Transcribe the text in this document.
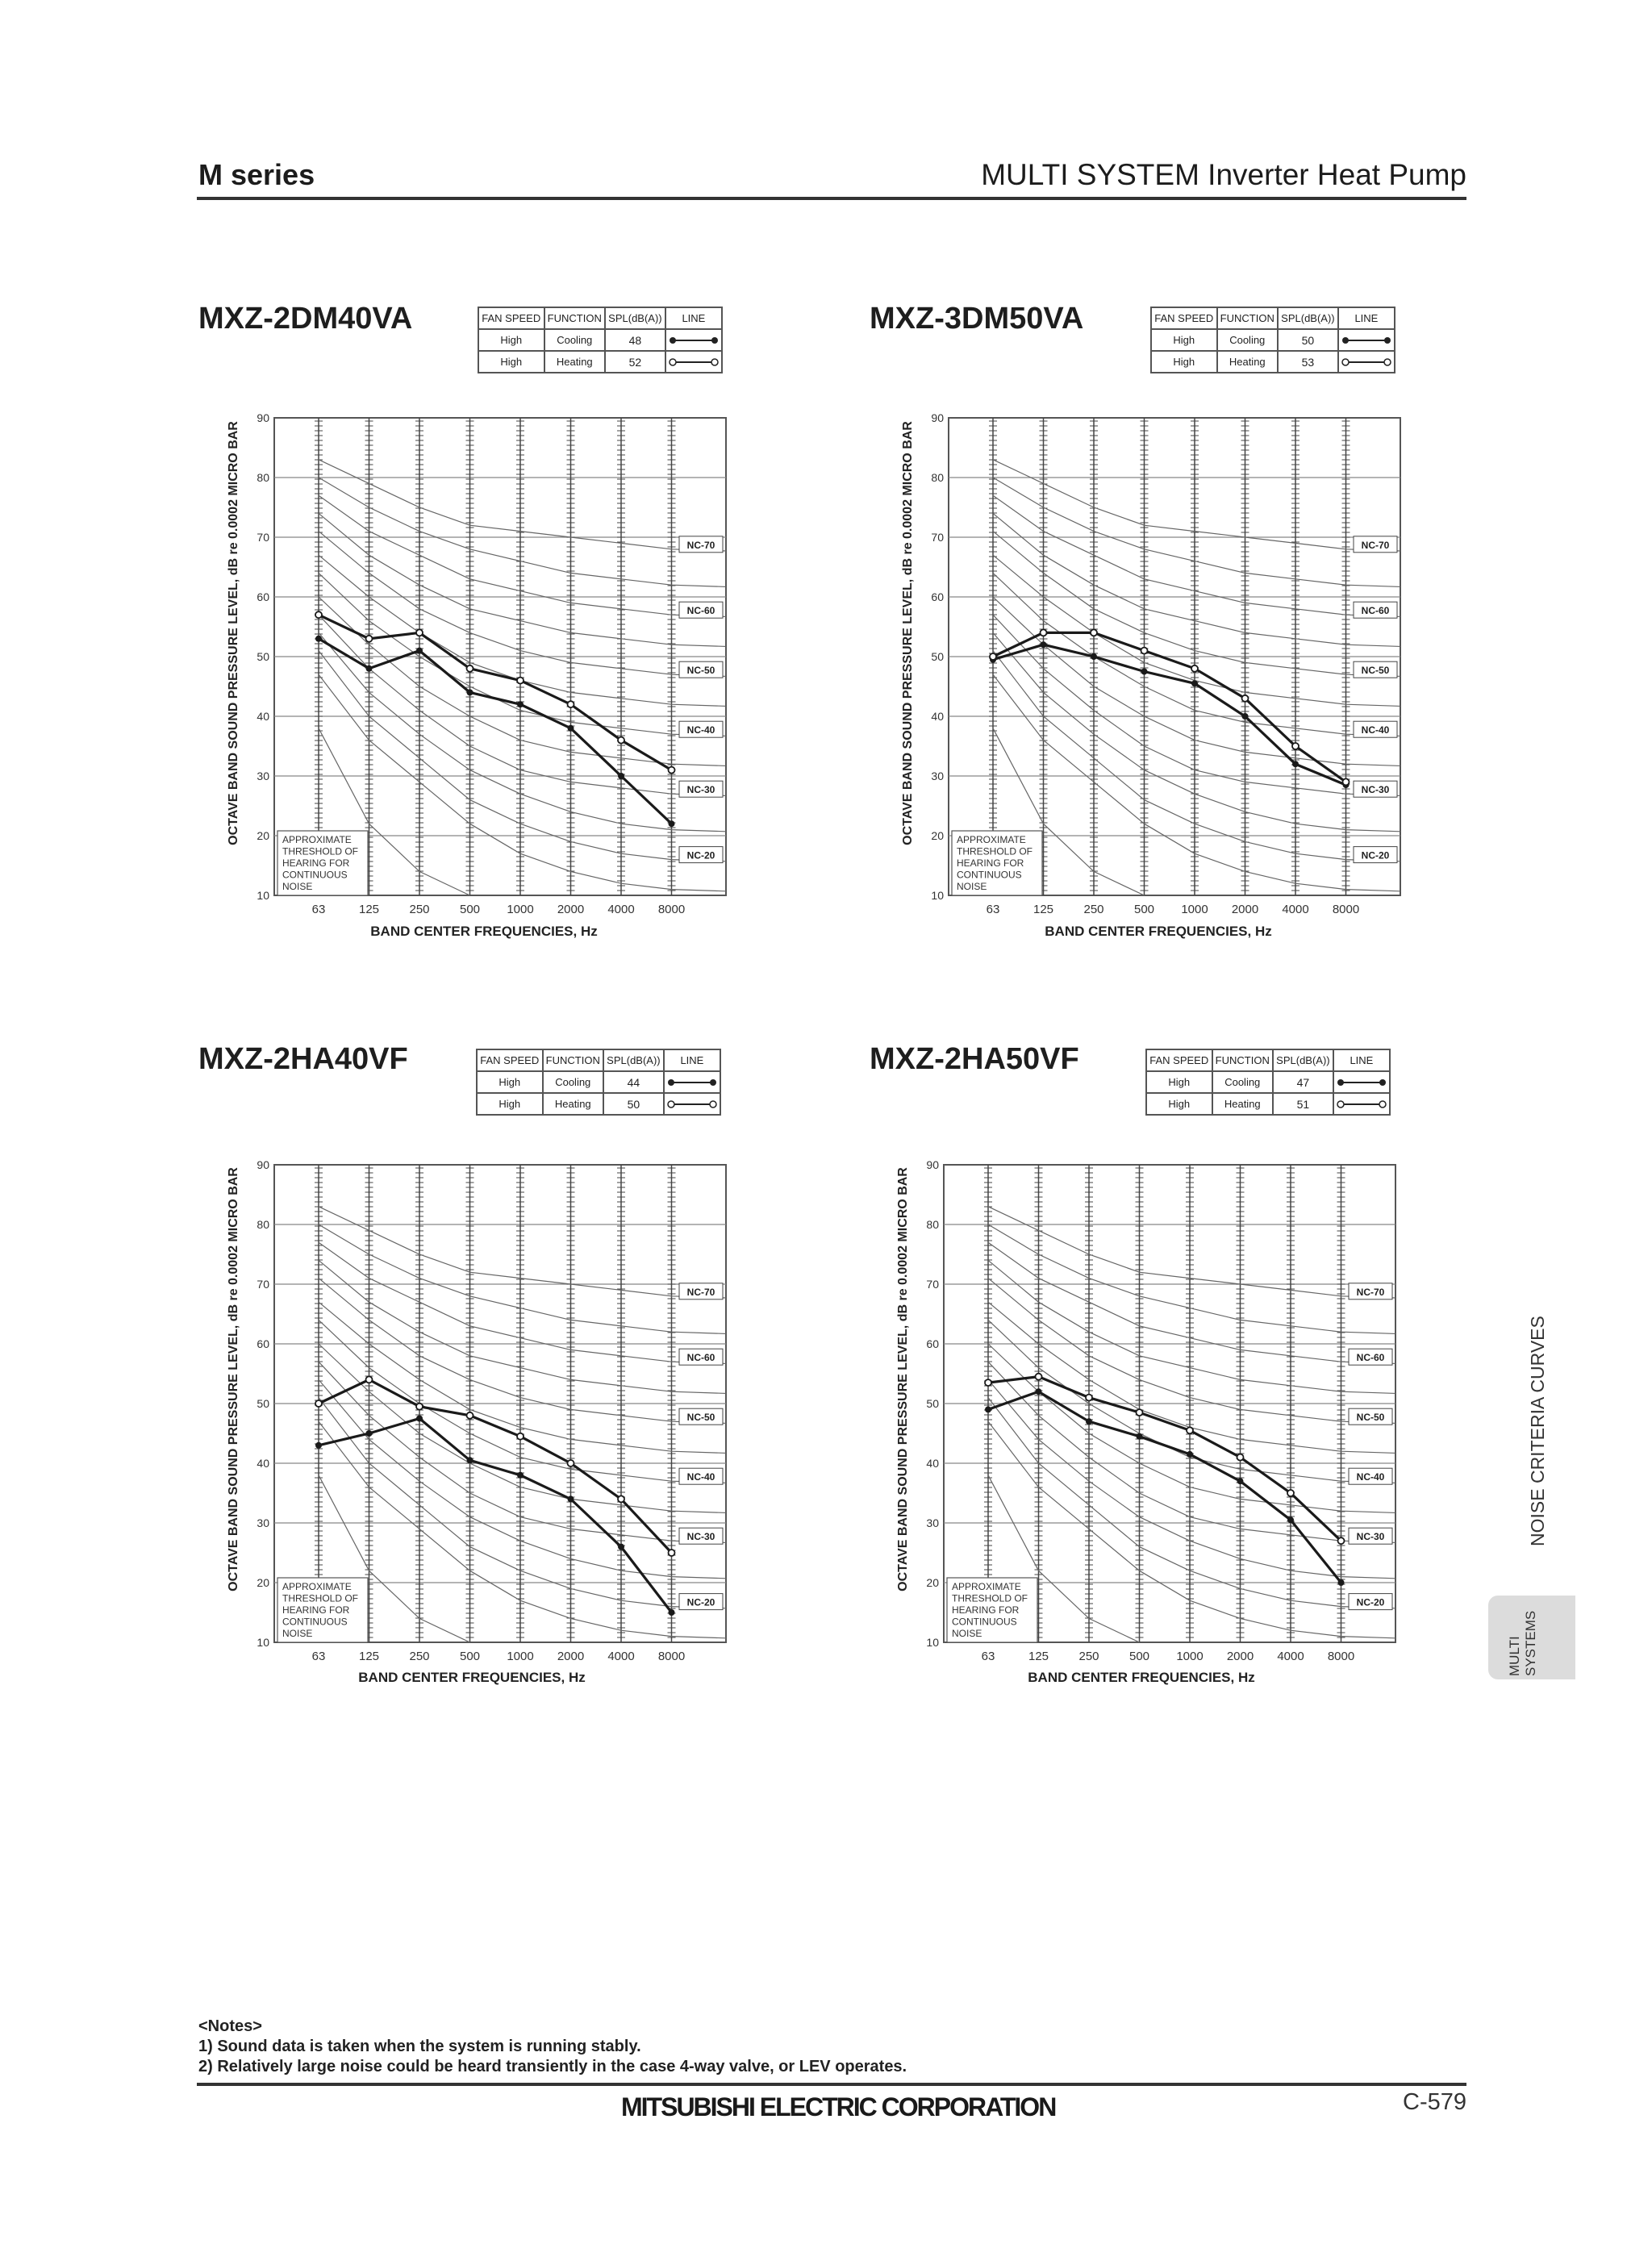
M series	MULTI SYSTEM Inverter Heat Pump
MXZ-2DM40VA	MXZ-3DM50VA
MXZ-2HA40VF	MXZ-2HA50VF
FAN SPEED	FUNCTION	SPL(dB(A))	LINE
High	Cooling	48	

High	Heating	52	
FAN SPEED	FUNCTION	SPL(dB(A))	LINE
High	Cooling	50	

High	Heating	53	
FAN SPEED	FUNCTION	SPL(dB(A))	LINE
High	Cooling	44	

High	Heating	50	
FAN SPEED	FUNCTION	SPL(dB(A))	LINE
High	Cooling	47	

High	Heating	51	
10
20
30
40
50
60
70
80
90
63	125 250 500 1000 2000 4000 8000
NC-70
NC-60
NC-50
NC-40
NC-30
NC-20
APPROXIMATE
THRESHOLD OF
HEARING FOR
CONTINUOUS
NOISE
OCTAVE BAND SOUND PRESSURE LEVEL, dB re 0.0002 MICRO BAR
BAND CENTER FREQUENCIES, Hz
10
20
30
40
50
60
70
80
90
63	125 250 500 1000 2000 4000 8000
NC-70
NC-60
NC-50
NC-40
NC-30
NC-20
APPROXIMATE
THRESHOLD OF
HEARING FOR
CONTINUOUS
NOISE
OCTAVE BAND SOUND PRESSURE LEVEL, dB re 0.0002 MICRO BAR
BAND CENTER FREQUENCIES, Hz
10
20
30
40
50
60
70
80
90
63	125 250 500 1000 2000 4000 8000
NC-70
NC-60
NC-50
NC-40
NC-30
NC-20
APPROXIMATE
THRESHOLD OF
HEARING FOR
CONTINUOUS
NOISE
OCTAVE BAND SOUND PRESSURE LEVEL, dB re 0.0002 MICRO BAR
BAND CENTER FREQUENCIES, Hz
10
20
30
40
50
60
70
80
90
63	125 250 500 1000 2000 4000 8000
NC-70
NC-60
NC-50
NC-40
NC-30
NC-20
APPROXIMATE
THRESHOLD OF
HEARING FOR
CONTINUOUS
NOISE
OCTAVE BAND SOUND PRESSURE LEVEL, dB re 0.0002 MICRO BAR
BAND CENTER FREQUENCIES, Hz
NOISE CRITERIA CURVES
MULTI SYSTEMS
<Notes>
1) Sound data is taken when the system is running stably.
2) Relatively large noise could be heard transiently in the case 4-way valve, or LEV operates.
MITSUBISHI ELECTRIC CORPORATION	C-579
